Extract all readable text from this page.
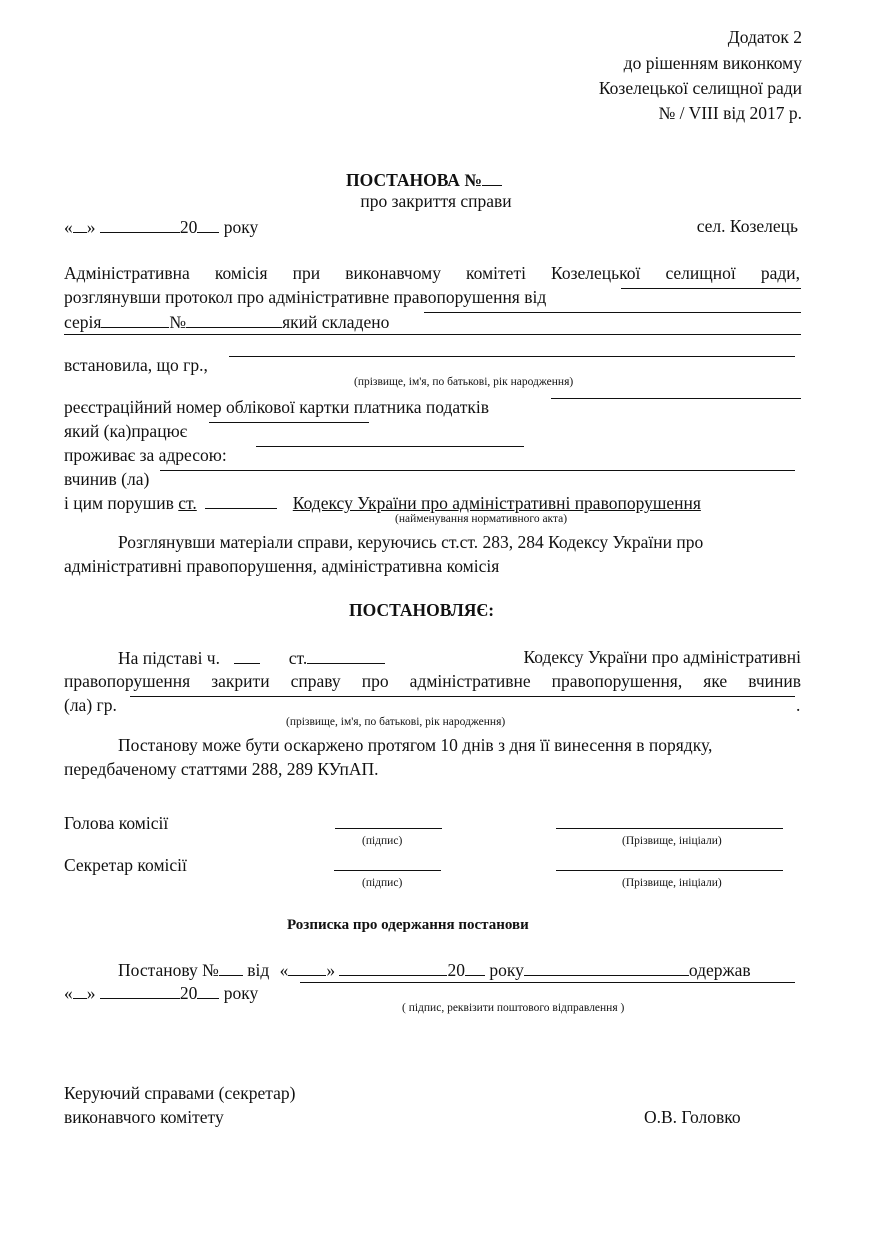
Додаток 2
до рішенням виконкому
Козелецької селищної ради
№ / VIII від 2017 р.
ПОСТАНОВА №
про закриття справи
« »	20 року	сел. Козелець
Адміністративна комісія при виконавчому комітеті Козелецької селищної ради,
розглянувши протокол про адміністративне правопорушення від
серія	№	який складено
встановила, що гр.,
(прізвище, ім'я, по батькові, рік народження)
реєстраційний номер облікової картки платника податків
який (ка)працює
проживає за адресою:
вчинив (ла)
і цим порушив ст.	Кодексу України про адміністративні правопорушення
(найменування нормативного акта)
Розглянувши матеріали справи, керуючись ст.ст. 283, 284 Кодексу України про
адміністративні правопорушення, адміністративна комісія
ПОСТАНОВЛЯЄ:
На підставі ч.	ст.	Кодексу України про адміністративні
правопорушення закрити справу про адміністративне правопорушення, яке вчинив
(ла) гр.	.
(прізвище, ім'я, по батькові, рік народження)
Постанову може бути оскаржено протягом 10 днів з дня її винесення в порядку,
передбаченому статтями 288, 289 КУпАП.
Голова комісії
(підпис)	(Прізвище, ініціали)
Секретар комісії
(підпис)	(Прізвище, ініціали)
Розписка про одержання постанови
Постанову № від « »	20 року	одержав
« »	20 року
( підпис, реквізити поштового відправлення )
Керуючий справами (секретар)
виконавчого комітету	О.В. Головко
